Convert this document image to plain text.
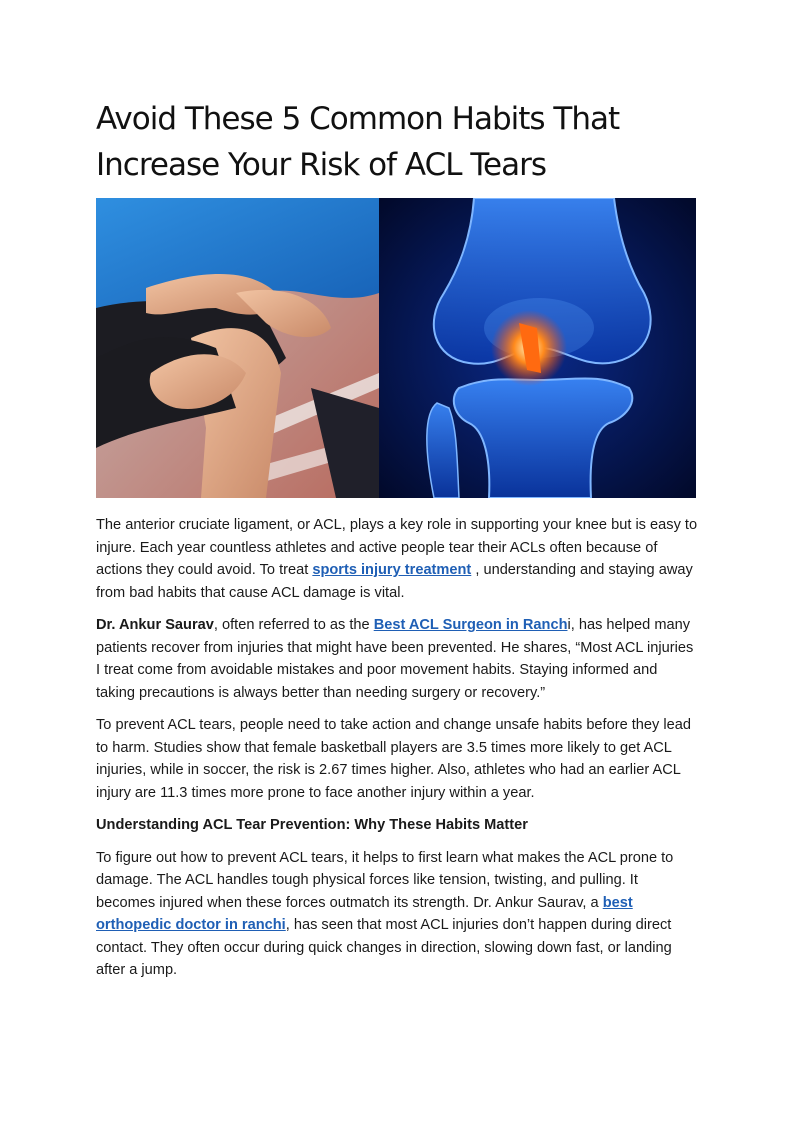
Avoid These 5 Common Habits That
Increase Your Risk of ACL Tears

The anterior cruciate ligament, or ACL, plays a key role in supporting your knee but is easy to injure. Each year countless athletes and active people tear their ACLs often because of actions they could avoid. To treat sports injury treatment , understanding and staying away from bad habits that cause ACL damage is vital.

Dr. Ankur Saurav, often referred to as the Best ACL Surgeon in Ranchi, has helped many patients recover from injuries that might have been prevented. He shares, “Most ACL injuries I treat come from avoidable mistakes and poor movement habits. Staying informed and taking precautions is always better than needing surgery or recovery.”

To prevent ACL tears, people need to take action and change unsafe habits before they lead to harm. Studies show that female basketball players are 3.5 times more likely to get ACL injuries, while in soccer, the risk is 2.67 times higher. Also, athletes who had an earlier ACL injury are 11.3 times more prone to face another injury within a year.

Understanding ACL Tear Prevention: Why These Habits Matter

To figure out how to prevent ACL tears, it helps to first learn what makes the ACL prone to damage. The ACL handles tough physical forces like tension, twisting, and pulling. It becomes injured when these forces outmatch its strength. Dr. Ankur Saurav, a best orthopedic doctor in ranchi, has seen that most ACL injuries don’t happen during direct contact. They often occur during quick changes in direction, slowing down fast, or landing after a jump.
